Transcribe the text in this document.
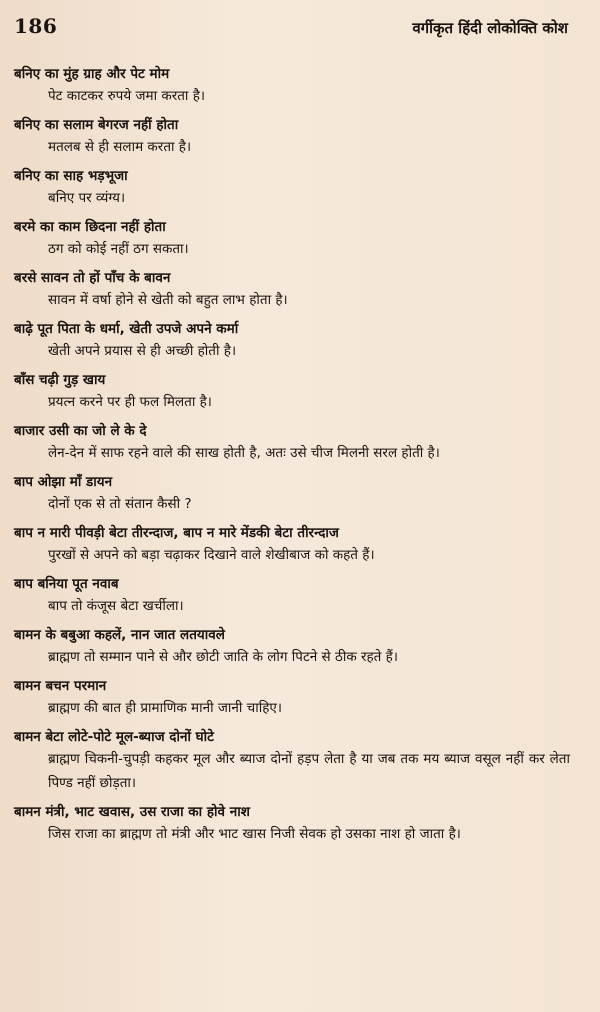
186	वर्गीकृत हिंदी लोकोक्ति कोश
बनिए का मुंह ग्राह और पेट मोम
पेट काटकर रुपये जमा करता है।
बनिए का सलाम बेगरज नहीं होता
मतलब से ही सलाम करता है।
बनिए का साह भड़भूजा
बनिए पर व्यंग्य।
बरमे का काम छिदना नहीं होता
ठग को कोई नहीं ठग सकता।
बरसे सावन तो हों पाँच के बावन
सावन में वर्षा होने से खेती को बहुत लाभ होता है।
बाढ़े पूत पिता के धर्मा, खेती उपजे अपने कर्मा
खेती अपने प्रयास से ही अच्छी होती है।
बाँस चढ़ी गुड़ खाय
प्रयत्न करने पर ही फल मिलता है।
बाजार उसी का जो ले के दे
लेन-देन में साफ रहने वाले की साख होती है, अतः उसे चीज मिलनी सरल होती है।
बाप ओझा माँ डायन
दोनों एक से तो संतान कैसी ?
बाप न मारी पीवड़ी बेटा तीरन्दाज, बाप न मारे मेंडकी बेटा तीरन्दाज
पुरखों से अपने को बड़ा चढ़ाकर दिखाने वाले शेखीबाज को कहते हैं।
बाप बनिया पूत नवाब
बाप तो कंजूस बेटा खर्चीला।
बामन के बबुआ कहलें, नान जात लतयावले
ब्राह्मण तो सम्मान पाने से और छोटी जाति के लोग पिटने से ठीक रहते हैं।
बामन बचन परमान
ब्राह्मण की बात ही प्रामाणिक मानी जानी चाहिए।
बामन बेटा लोटे-पोटे मूल-ब्याज दोनों घोटे
ब्राह्मण चिकनी-चुपड़ी कहकर मूल और ब्याज दोनों हड़प लेता है या जब तक मय ब्याज वसूल नहीं कर लेता पिण्ड नहीं छोड़ता।
बामन मंत्री, भाट खवास, उस राजा का होवे नाश
जिस राजा का ब्राह्मण तो मंत्री और भाट खास निजी सेवक हो उसका नाश हो जाता है।
